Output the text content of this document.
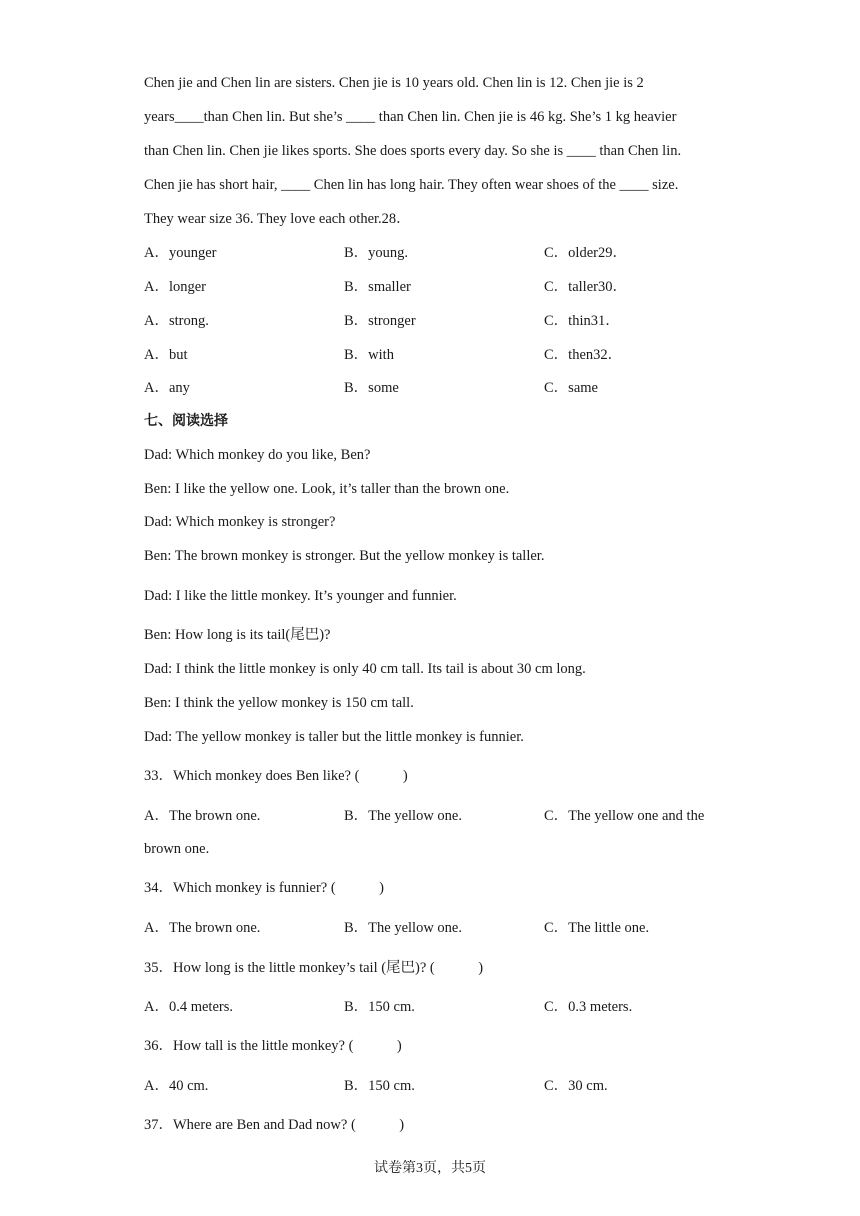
Chen jie and Chen lin are sisters. Chen jie is 10 years old. Chen lin is 12. Chen jie is 2
years____than Chen lin. But she’s ____ than Chen lin. Chen jie is 46 kg. She’s 1 kg heavier
than Chen lin. Chen jie likes sports. She does sports every day. So she is ____ than Chen lin.
Chen jie has short hair, ____ Chen lin has long hair. They often wear shoes of the ____ size.
They wear size 36. They love each other.28．
A．younger	B．young.	C．older29．
A．longer	B．smaller	C．taller30．
A．strong.	B．stronger	C．thin31．
A．but	B．with	C．then32．
A．any	B．some	C．same
七、阅读选择
Dad: Which monkey do you like, Ben?
Ben: I like the yellow one. Look, it’s taller than the brown one.
Dad: Which monkey is stronger?
Ben: The brown monkey is stronger. But the yellow monkey is taller.
Dad: I like the little monkey. It’s younger and funnier.
Ben: How long is its tail(尾巴)?
Dad: I think the little monkey is only 40 cm tall. Its tail is about 30 cm long.
Ben: I think the yellow monkey is 150 cm tall.
Dad: The yellow monkey is taller but the little monkey is funnier.
33．Which monkey does Ben like? (　　　)
A．The brown one.	B．The yellow one.	C．The yellow one and the
brown one.
34．Which monkey is funnier? (　　　)
A．The brown one.	B．The yellow one.	C．The little one.
35．How long is the little monkey’s tail (尾巴)? (　　　)
A．0.4 meters.	B．150 cm.	C．0.3 meters.
36．How tall is the little monkey? (　　　)
A．40 cm.	B．150 cm.	C．30 cm.
37．Where are Ben and Dad now? (　　　)
试卷第3页，共5页
